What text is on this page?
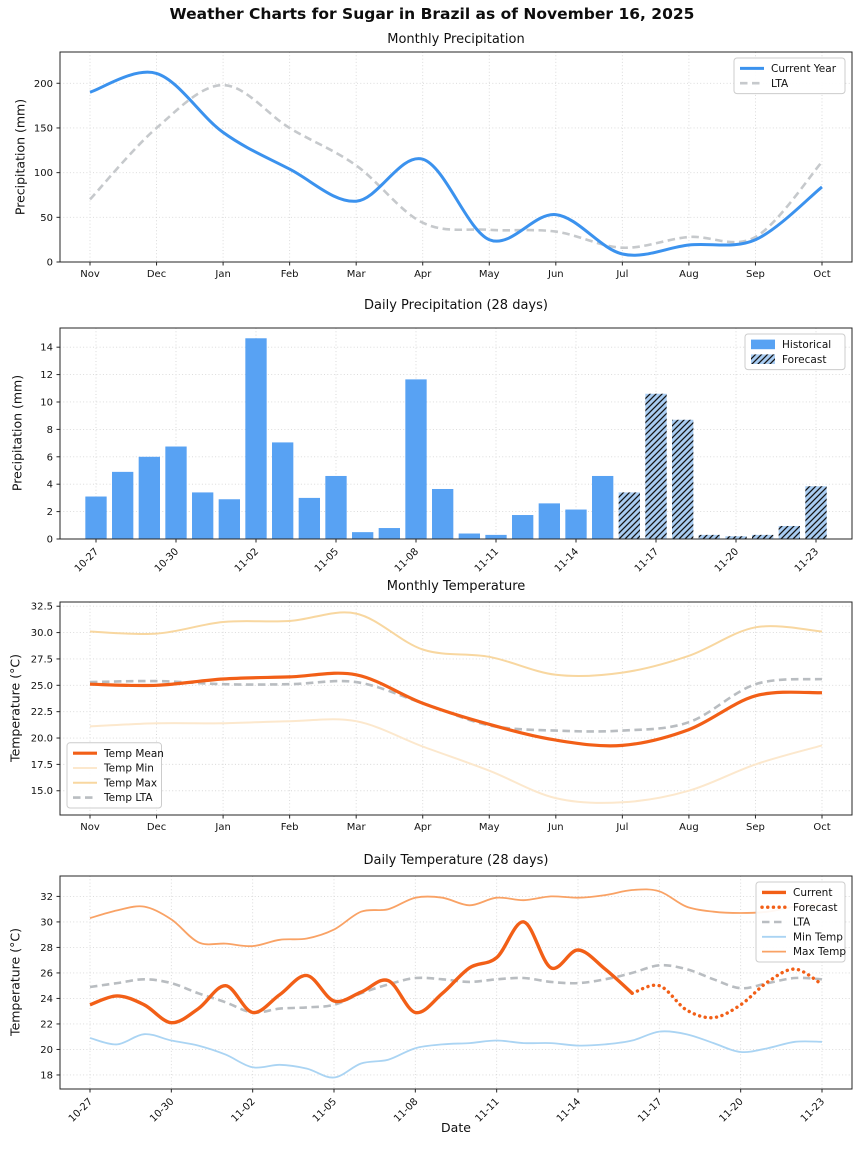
Weather Charts for Sugar in Brazil as of November 16, 2025
0
50
100
150
200
Nov	Dec	Jan	Feb	Mar	Apr	May	Jun	Jul	Aug	Sep	Oct
Current Year
LTA
0
2
4
6
8
10
12
14
10-27	10-30	11-02	11-05	11-08	11-11	11-14	11-17	11-20	11-23
Historical
Forecast
15.0
17.5
20.0
22.5
25.0
27.5
30.0
32.5
Nov	Dec	Jan	Feb	Mar	Apr	May	Jun	Jul	Aug	Sep	Oct
Temp Mean
Temp Min
Temp Max
Temp LTA
18
20
22
24
26
28
30
32
10-27	10-30	11-02	11-05	11-08	11-11	11-14	11-17	11-20	11-23
Current
Forecast
LTA
Min Temp
Max Temp
Monthly Precipitation
Precipitation (mm)
Daily Precipitation (28 days)
Precipitation (mm)
Monthly Temperature
Temperature (°C)
Daily Temperature (28 days)
Temperature (°C)
Date
